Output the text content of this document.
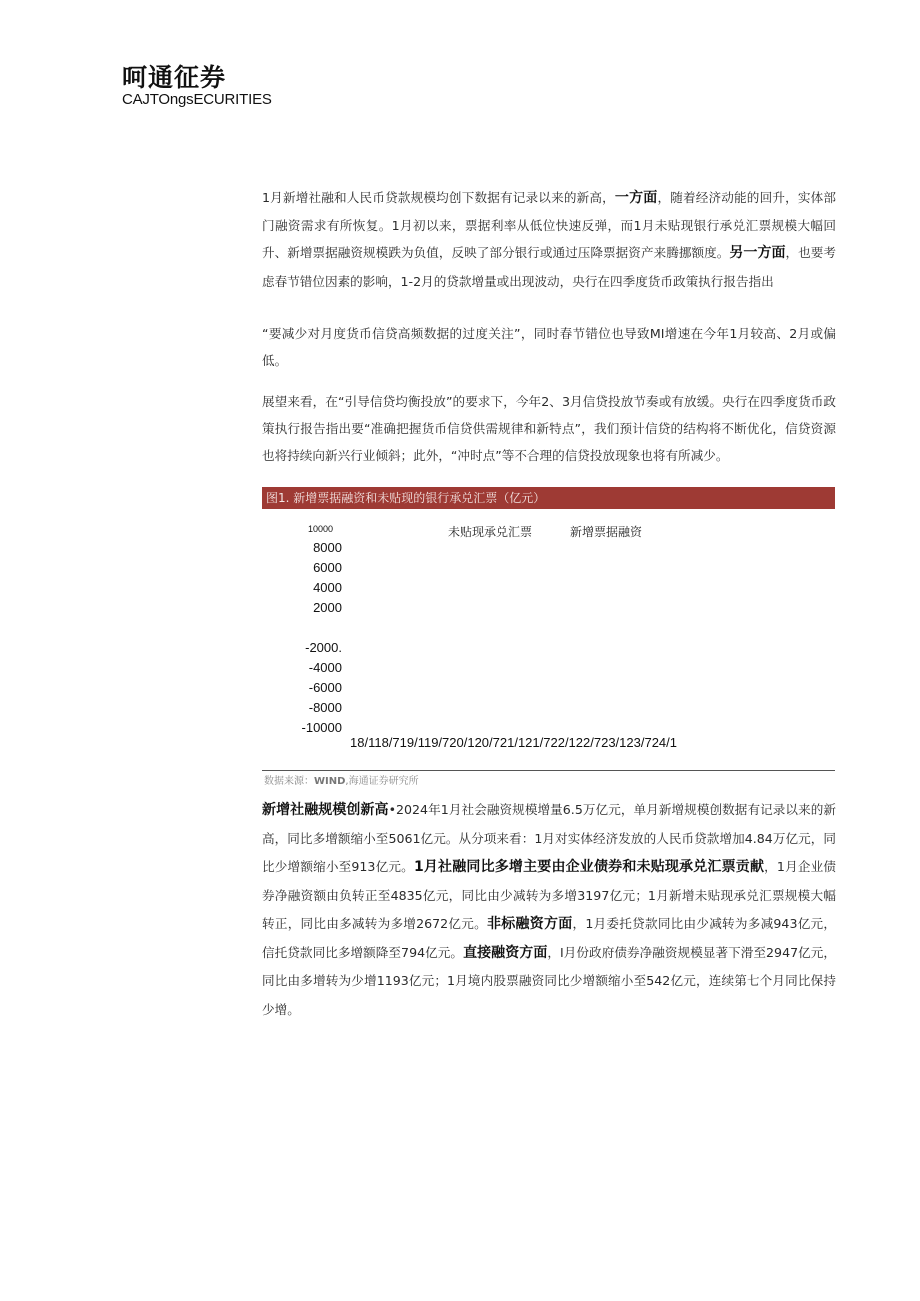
呵通征券
CAJTOngsECURITIES

1月新增社融和人民币贷款规模均创下数据有记录以来的新高，一方面，随着经济动能的回升，实体部门融资需求有所恢复。1月初以来，票据利率从低位快速反弹，而1月未贴现银行承兑汇票规模大幅回升、新增票据融资规模跌为负值，反映了部分银行或通过压降票据资产来腾挪额度。另一方面，也要考虑春节错位因素的影响，1-2月的贷款增量或出现波动，央行在四季度货币政策执行报告指出

“要减少对月度货币信贷高频数据的过度关注”，同时春节错位也导致MI增速在今年1月较高、2月或偏低。

展望来看，在“引导信贷均衡投放”的要求下，今年2、3月信贷投放节奏或有放缓。央行在四季度货币政策执行报告指出要“准确把握货币信贷供需规律和新特点”，我们预计信贷的结构将不断优化，信贷资源也将持续向新兴行业倾斜；此外，“冲时点”等不合理的信贷投放现象也将有所减少。

图1. 新增票据融资和未贴现的银行承兑汇票（亿元）
10000
8000
6000
4000
2000
-2000.
-4000
-6000
-8000
-10000
未贴现承兑汇票	新增票据融资
18/118/719/119/720/120/721/121/722/122/723/123/724/1
数据来源：WIND,海通证券研究所

新增社融规模创新高•2024年1月社会融资规模增量6.5万亿元，单月新增规模创数据有记录以来的新高，同比多增额缩小至5061亿元。从分项来看：1月对实体经济发放的人民币贷款增加4.84万亿元，同比少增额缩小至913亿元。1月社融同比多增主要由企业债券和未贴现承兑汇票贡献，1月企业债券净融资额由负转正至4835亿元，同比由少减转为多增3197亿元；1月新增未贴现承兑汇票规模大幅转正，同比由多减转为多增2672亿元。非标融资方面，1月委托贷款同比由少减转为多减943亿元，信托贷款同比多增额降至794亿元。直接融资方面，I月份政府债券净融资规模显著下滑至2947亿元，同比由多增转为少增1193亿元；1月境内股票融资同比少增额缩小至542亿元，连续第七个月同比保持少增。
